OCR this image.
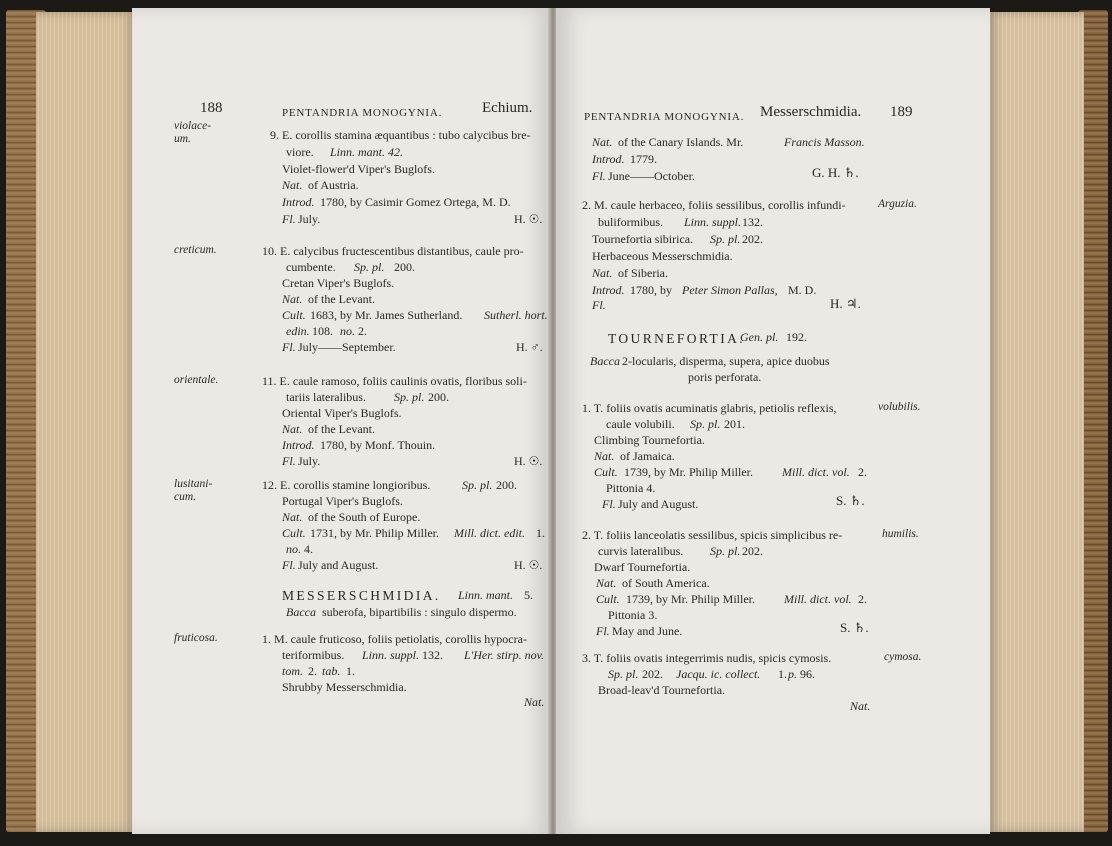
188	PENTANDRIA MONOGYNIA.	Echium.
violace-
um.	9. E. corollis stamina æquantibus : tubo calycibus bre-
viore. Linn. mant. 42.
Violet-flower'd Viper's Buglofs.
Nat. of Austria.
Introd. 1780, by Casimir Gomez Ortega, M. D.
Fl. July.	H. ☉.
creticum.	10. E. calycibus fructescentibus distantibus, caule pro-
cumbente. Sp. pl. 200.
Cretan Viper's Buglofs.
Nat. of the Levant.
Cult. 1683, by Mr. James Sutherland. Sutherl. hort.
edin. 108. no. 2.
Fl. July——September.	H. ♂.
orientale.	11. E. caule ramoso, foliis caulinis ovatis, floribus soli-
tariis lateralibus. Sp. pl. 200.
Oriental Viper's Buglofs.
Nat. of the Levant.
Introd. 1780, by Monf. Thouin.
Fl. July.	H. ☉.
lusitani-
cum.
12. E. corollis stamine longioribus.	Sp. pl. 200.
Portugal Viper's Buglofs.
Nat. of the South of Europe.
Cult. 1731, by Mr. Philip Miller. Mill. dict. edit. 1.
no. 4.
Fl. July and August.	H. ☉.
MESSERSCHMIDIA. Linn. mant. 5.
Bacca suberofa, bipartibilis : singulo dispermo.
fruticosa.	1. M. caule fruticoso, foliis petiolatis, corollis hypocra-
teriformibus. Linn. suppl. 132. L'Her. stirp. nov.
tom. 2. tab. 1.
Shrubby Messerschmidia.
Nat.
PENTANDRIA MONOGYNIA. Messerschmidia. 189
Nat. of the Canary Islands. Mr.	Francis Masson.
Introd. 1779.
Fl. June——October.	G. H. ♄.
2. M. caule herbaceo, foliis sessilibus, corollis infundi-	Arguzia.
buliformibus. Linn. suppl. 132.
Tournefortia sibirica. Sp. pl. 202.
Herbaceous Messerschmidia.
Nat. of Siberia.
Introd. 1780, by Peter Simon Pallas, M. D.
Fl.	H. ♃.
TOURNEFORTIA.
Gen. pl. 192.
Bacca 2-locularis, disperma, supera, apice duobus
poris perforata.
1. T. foliis ovatis acuminatis glabris, petiolis reflexis,	volubilis.
caule volubili. Sp. pl. 201.
Climbing Tournefortia.
Nat. of Jamaica.
Cult. 1739, by Mr. Philip Miller. Mill. dict. vol. 2.
Pittonia 4.
Fl. July and August.	S. ♄.
2. T. foliis lanceolatis sessilibus, spicis simplicibus re-	humilis.
curvis lateralibus. Sp. pl. 202.
Dwarf Tournefortia.
Nat. of South America.
Cult. 1739, by Mr. Philip Miller. Mill. dict. vol. 2.
Pittonia 3.
Fl. May and June.	S. ♄.
3. T. foliis ovatis integerrimis nudis, spicis cymosis.	cymosa.
Sp. pl. 202. Jacqu. ic. collect. 1. p. 96.
Broad-leav'd Tournefortia.
Nat.
